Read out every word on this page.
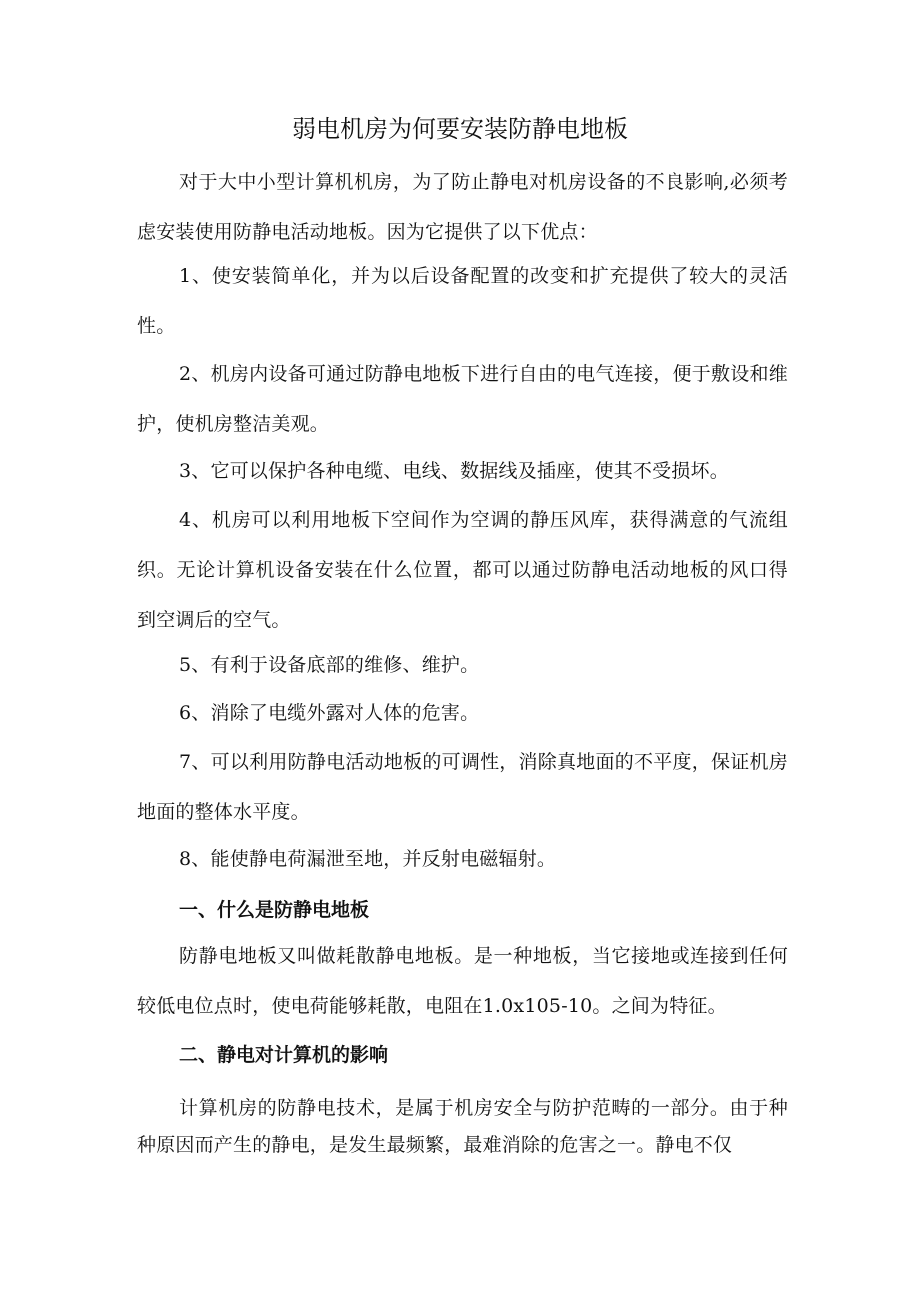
弱电机房为何要安装防静电地板

对于大中小型计算机机房，为了防止静电对机房设备的不良影响,必须考虑安装使用防静电活动地板。因为它提供了以下优点：

1、使安装简单化，并为以后设备配置的改变和扩充提供了较大的灵活性。

2、机房内设备可通过防静电地板下进行自由的电气连接，便于敷设和维护，使机房整洁美观。

3、它可以保护各种电缆、电线、数据线及插座，使其不受损坏。

4、机房可以利用地板下空间作为空调的静压风库，获得满意的气流组织。无论计算机设备安装在什么位置，都可以通过防静电活动地板的风口得到空调后的空气。

5、有利于设备底部的维修、维护。

6、消除了电缆外露对人体的危害。

7、可以利用防静电活动地板的可调性，消除真地面的不平度，保证机房地面的整体水平度。

8、能使静电荷漏泄至地，并反射电磁辐射。

一、什么是防静电地板

防静电地板又叫做耗散静电地板。是一种地板，当它接地或连接到任何较低电位点时，使电荷能够耗散，电阻在1.0x105-10。之间为特征。

二、静电对计算机的影响

计算机房的防静电技术，是属于机房安全与防护范畴的一部分。由于种种原因而产生的静电，是发生最频繁，最难消除的危害之一。静电不仅
